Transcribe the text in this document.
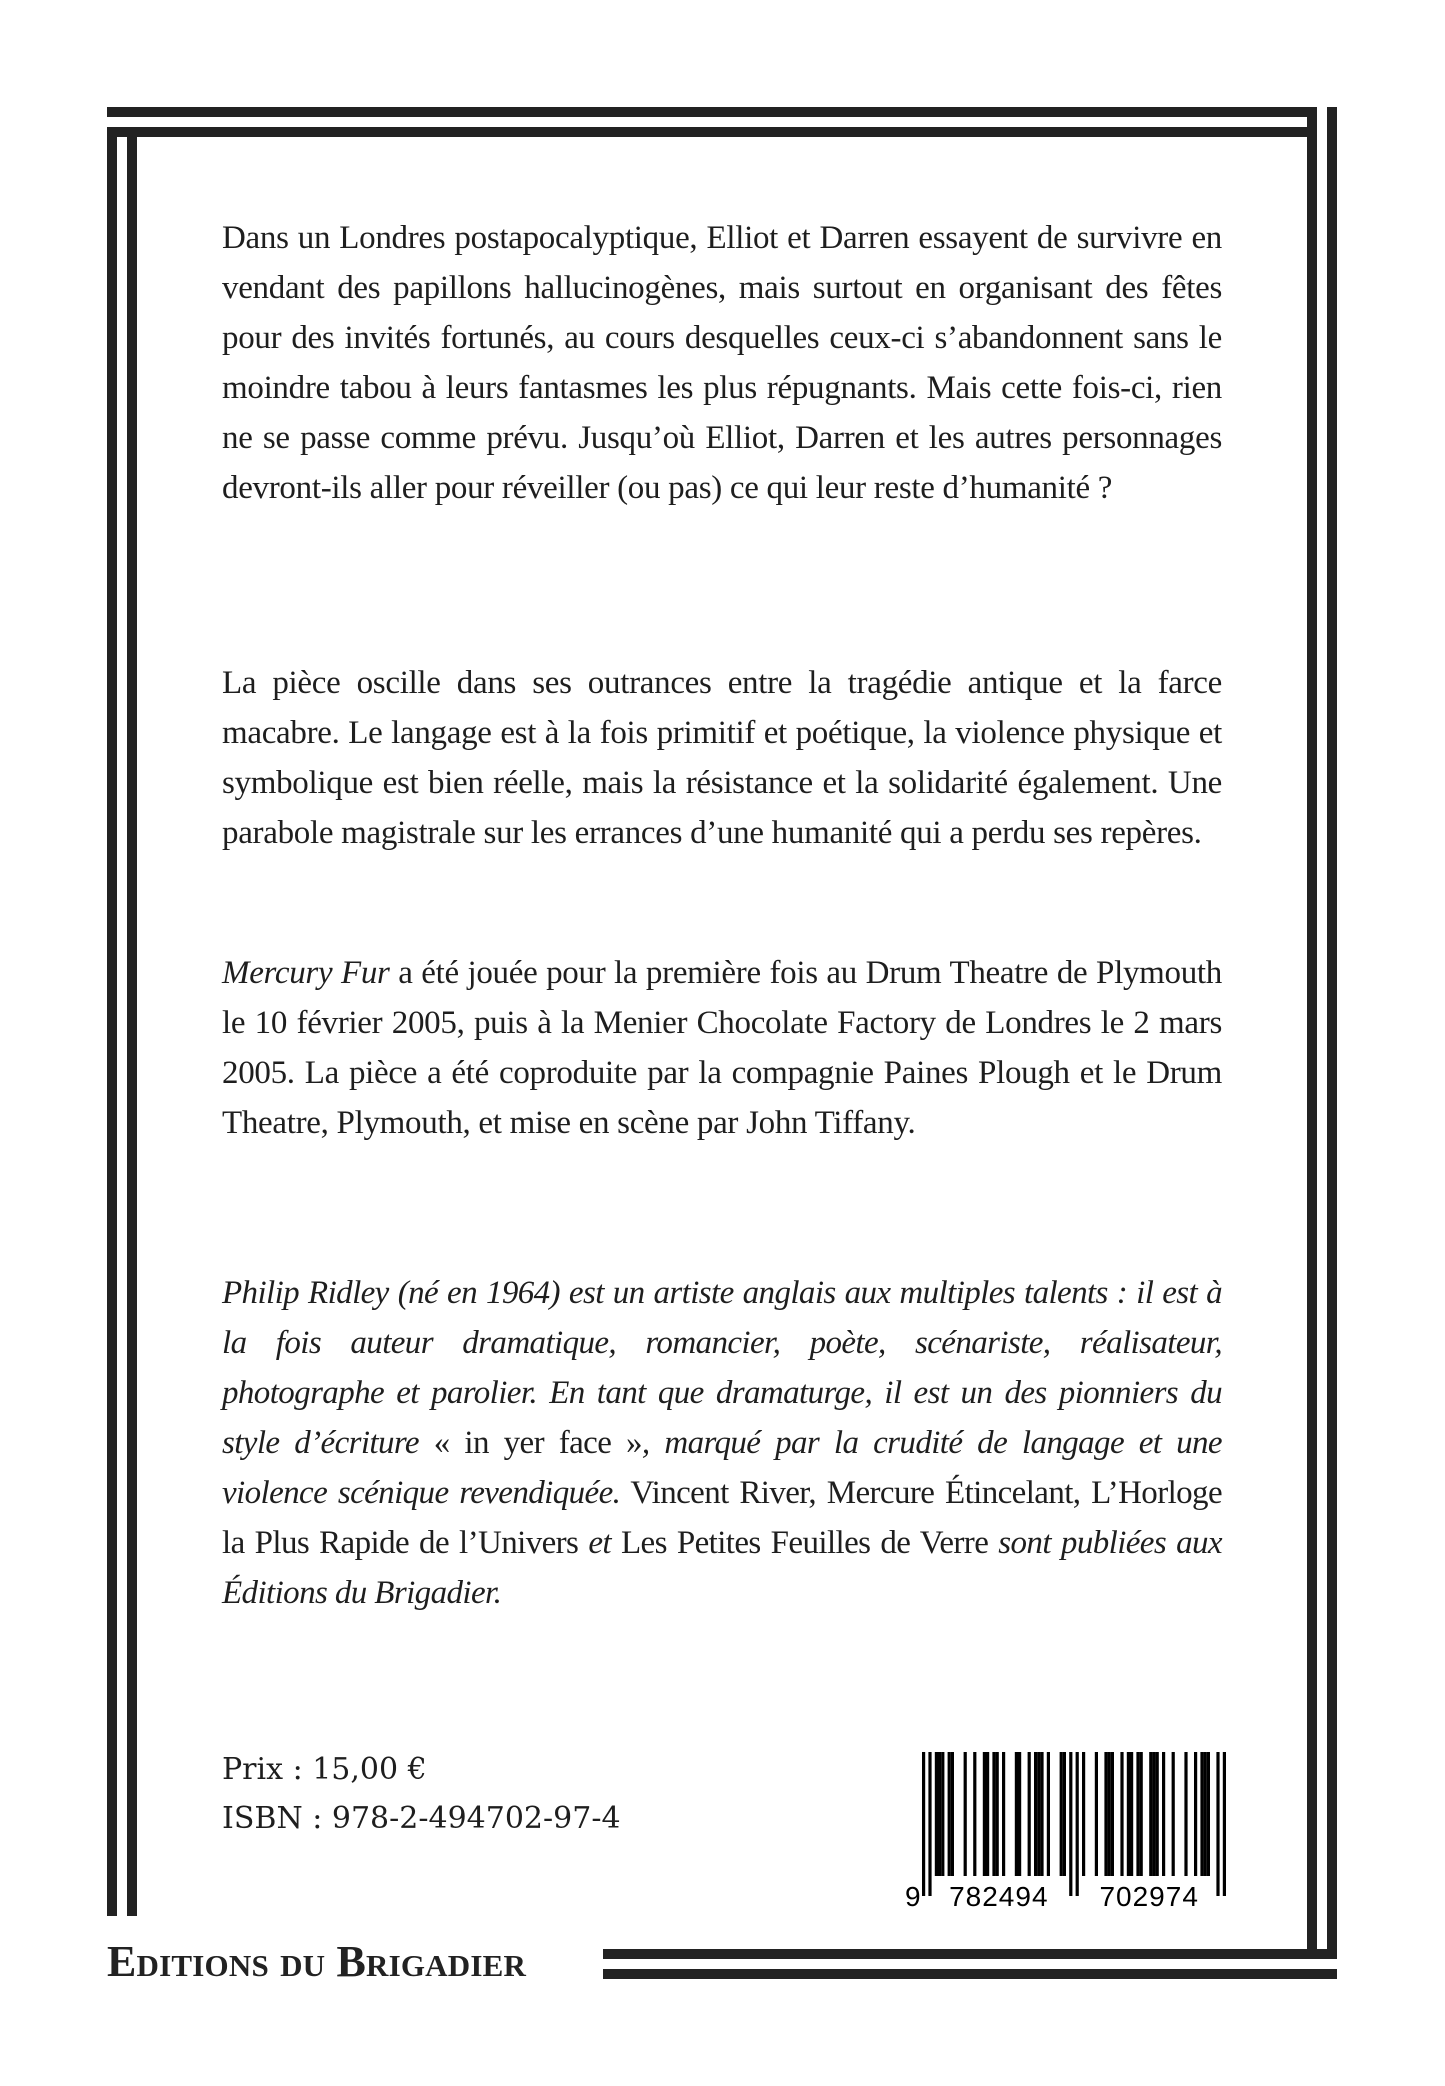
Dans un Londres postapocalyptique, Elliot et Darren essayent de survivre en vendant des papillons hallucinogènes, mais surtout en organisant des fêtes pour des invités fortunés, au cours desquelles ceux-ci s’abandonnent sans le moindre tabou à leurs fantasmes les plus répugnants. Mais cette fois-ci, rien ne se passe comme prévu. Jusqu’où Elliot, Darren et les autres personnages devront-ils aller pour réveiller (ou pas) ce qui leur reste d’humanité ?

La pièce oscille dans ses outrances entre la tragédie antique et la farce macabre. Le langage est à la fois primitif et poétique, la violence physique et symbolique est bien réelle, mais la résistance et la solidarité également. Une parabole magistrale sur les errances d’une humanité qui a perdu ses repères.

Mercury Fur a été jouée pour la première fois au Drum Theatre de Plymouth le 10 février 2005, puis à la Menier Chocolate Factory de Londres le 2 mars 2005. La pièce a été coproduite par la compagnie Paines Plough et le Drum Theatre, Plymouth, et mise en scène par John Tiffany.

Philip Ridley (né en 1964) est un artiste anglais aux multiples talents : il est à la fois auteur dramatique, romancier, poète, scénariste, réalisateur, photographe et parolier. En tant que dramaturge, il est un des pionniers du style d’écriture « in yer face », marqué par la crudité de langage et une violence scénique revendiquée. Vincent River, Mercure Étincelant, L’Horloge la Plus Rapide de l’Univers et Les Petites Feuilles de Verre sont publiées aux Éditions du Brigadier.

Prix : 15,00 €
ISBN : 978-2-494702-97-4
9 782494 702974
Editions du Brigadier
